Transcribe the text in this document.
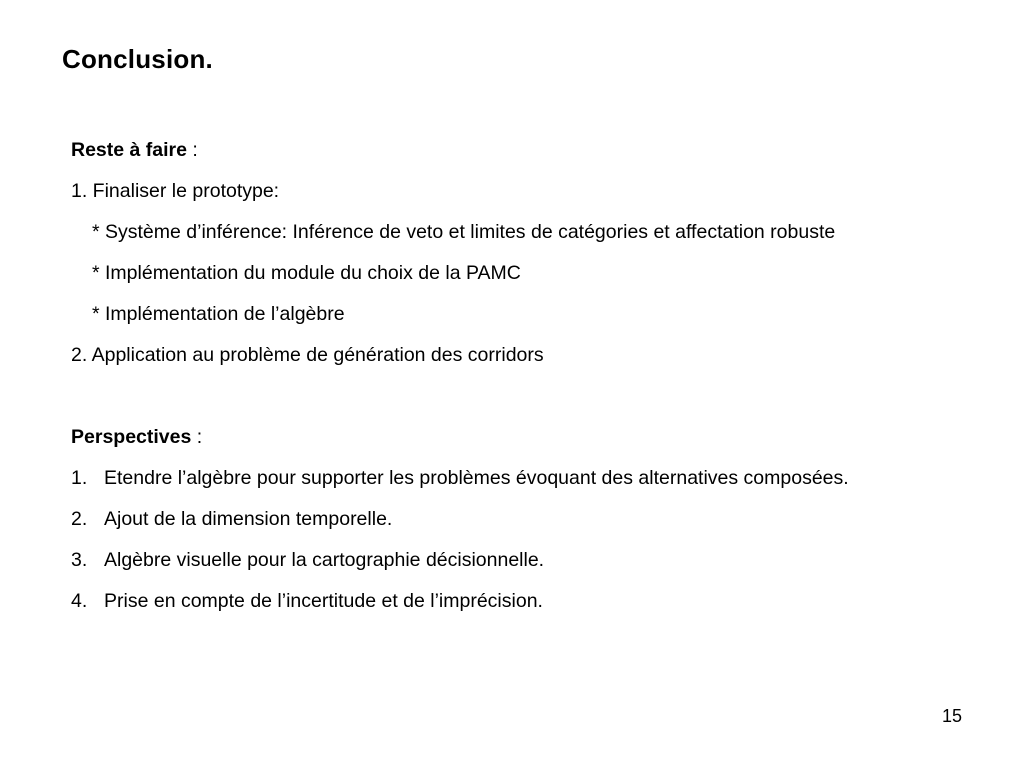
Conclusion.
Reste à faire :
1. Finaliser le prototype:
* Système d’inférence: Inférence de veto et limites de catégories et affectation robuste
* Implémentation du module du choix de la PAMC
* Implémentation de l’algèbre
2. Application au problème de génération des corridors
Perspectives :
1. Etendre l’algèbre pour supporter les problèmes évoquant des alternatives composées.
2. Ajout de la dimension temporelle.
3. Algèbre visuelle pour la cartographie décisionnelle.
4. Prise en compte de l’incertitude et de l’imprécision.
15
